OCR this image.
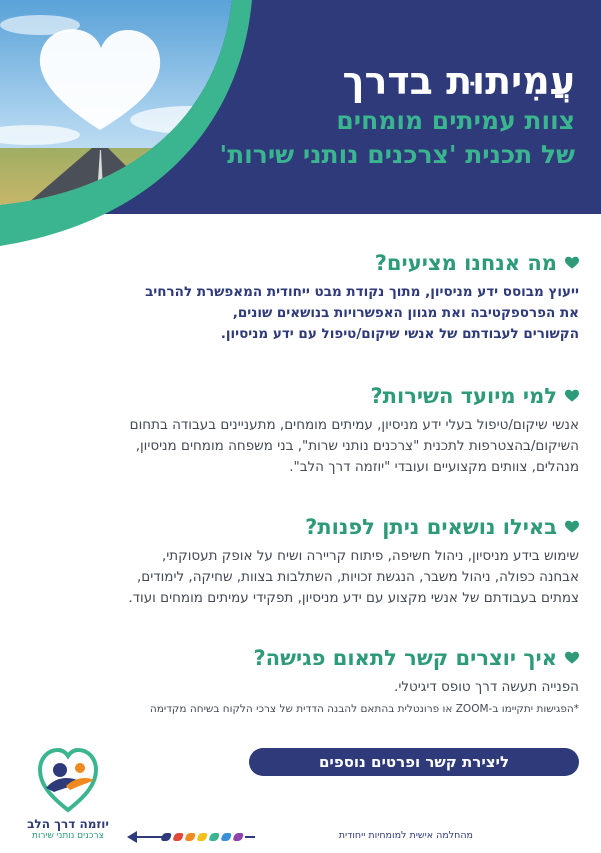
עֲמִיתוּת בדרך

צוות עמיתים מומחים

של תכנית 'צרכנים נותני שירות'

מה אנחנו מציעים?

ייעוץ מבוסס ידע מניסיון, מתוך נקודת מבט ייחודית המאפשרת להרחיב

את הפרספקטיבה ואת מגוון האפשרויות בנושאים שונים,

הקשורים לעבודתם של אנשי שיקום/טיפול עם ידע מניסיון.

למי מיועד השירות?

אנשי שיקום/טיפול בעלי ידע מניסיון, עמיתים מומחים, מתעניינים בעבודה בתחום

השיקום/בהצטרפות לתכנית "צרכנים נותני שרות", בני משפחה מומחים מניסיון,

מנהלים, צוותים מקצועיים ועובדי "יוזמה דרך הלב".

באילו נושאים ניתן לפנות?

שימוש בידע מניסיון, ניהול חשיפה, פיתוח קריירה ושיח על אופק תעסוקתי,

אבחנה כפולה, ניהול משבר, הנגשת זכויות, השתלבות בצוות, שחיקה, לימודים,

צמתים בעבודתם של אנשי מקצוע עם ידע מניסיון, תפקידי עמיתים מומחים ועוד.

איך יוצרים קשר לתאום פגישה?

הפנייה תעשה דרך טופס דיגיטלי.

*הפגישות יתקיימו ב-ZOOM או פרונטלית בהתאם להבנה הדדית של צרכי הלקוח בשיחה מקדימה

ליצירת קשר ופרטים נוספים
יוזמה דרך הלב
צרכנים נותני שירות	מהחלמה אישית למומחיות ייחודית
